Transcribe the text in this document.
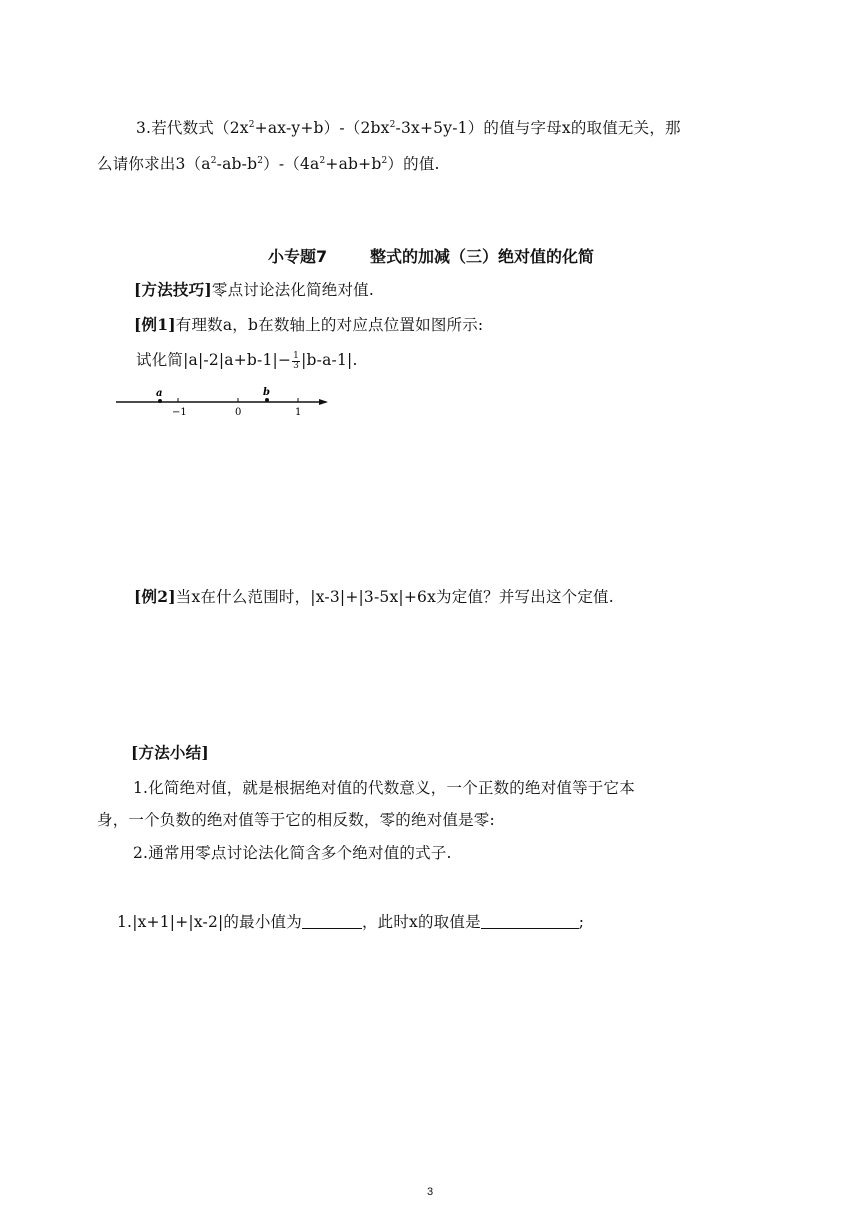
3.若代数式$(2x^2+ax-y+b)-(2bx^2-3x+5y-1)$的值与字母x的取值无关，那
么请你求出$3(a^2-ab-b^2)-(4a^2+ab+b^2)$的值.
小专题7	整式的加减（三）绝对值的化简
[方法技巧]零点讨论法化简绝对值.
[例1]有理数a，b在数轴上的对应点位置如图所示:
试化简$|a|-2|a+b-1|- \frac{1}{3} |b-a-1|$.
a	b
−1	0	1
[例2]当x在什么范围时，|x-3|+|3-5x|+6x为定值？并写出这个定值.
[方法小结]
1.化简绝对值，就是根据绝对值的代数意义，一个正数的绝对值等于它本
身，一个负数的绝对值等于它的相反数，零的绝对值是零:
2.通常用零点讨论法化简含多个绝对值的式子.
1.|x+1|+|x-2|的最小值为	，此时x的取值是	;
3
